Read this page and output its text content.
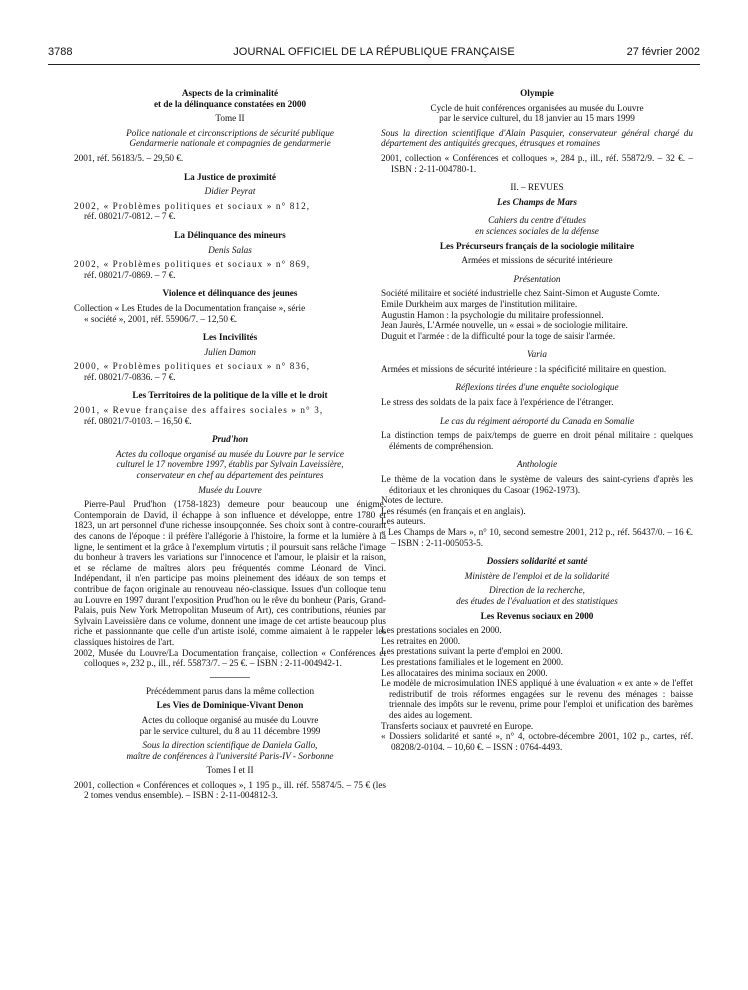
3788	JOURNAL OFFICIEL DE LA RÉPUBLIQUE FRANÇAISE	27 février 2002
Aspects de la criminalité
et de la délinquance constatées en 2000
Tome II
Police nationale et circonscriptions de sécurité publique
Gendarmerie nationale et compagnies de gendarmerie
2001, réf. 56183/5. – 29,50 €.
La Justice de proximité
Didier Peyrat
2002, « Problèmes politiques et sociaux » n° 812,
réf. 08021/7-0812. – 7 €.
La Délinquance des mineurs
Denis Salas
2002, « Problèmes politiques et sociaux » n° 869,
réf. 08021/7-0869. – 7 €.
Violence et délinquance des jeunes
Collection « Les Etudes de la Documentation française », série
« société », 2001, réf. 55906/7. – 12,50 €.
Les Incivilités
Julien Damon
2000, « Problèmes politiques et sociaux » n° 836,
réf. 08021/7-0836. – 7 €.
Les Territoires de la politique de la ville et le droit
2001, « Revue française des affaires sociales » n° 3,
réf. 08021/7-0103. – 16,50 €.
Prud'hon
Actes du colloque organisé au musée du Louvre par le service
culturel le 17 novembre 1997, établis par Sylvain Laveissière,
conservateur en chef au département des peintures
Musée du Louvre
Pierre-Paul Prud'hon (1758-1823) demeure pour beaucoup une énigme. Contemporain de David, il échappe à son influence et développe, entre 1780 et 1823, un art personnel d'une richesse insoupçonnée. Ses choix sont à contre-courant des canons de l'époque : il préfère l'allégorie à l'histoire, la forme et la lumière à la ligne, le sentiment et la grâce à l'exemplum virtutis ; il poursuit sans relâche l'image du bonheur à travers les variations sur l'innocence et l'amour, le plaisir et la raison, et se réclame de maîtres alors peu fréquentés comme Léonard de Vinci. Indépendant, il n'en participe pas moins pleinement des idéaux de son temps et contribue de façon originale au renouveau néo-classique. Issues d'un colloque tenu au Louvre en 1997 durant l'exposition Prud'hon ou le rêve du bonheur (Paris, Grand-Palais, puis New York Metropolitan Museum of Art), ces contributions, réunies par Sylvain Laveissière dans ce volume, donnent une image de cet artiste beaucoup plus riche et passionnante que celle d'un artiste isolé, comme aimaient à le rappeler les classiques histoires de l'art.
2002, Musée du Louvre/La Documentation française, collection « Conférences et colloques », 232 p., ill., réf. 55873/7. – 25 €. – ISBN : 2-11-004942-1.
Précédemment parus dans la même collection
Les Vies de Dominique-Vivant Denon
Actes du colloque organisé au musée du Louvre
par le service culturel, du 8 au 11 décembre 1999
Sous la direction scientifique de Daniela Gallo,
maître de conférences à l'université Paris-IV - Sorbonne
Tomes I et II
2001, collection « Conférences et colloques », 1 195 p., ill. réf. 55874/5. – 75 € (les 2 tomes vendus ensemble). – ISBN : 2-11-004812-3.
Olympie
Cycle de huit conférences organisées au musée du Louvre
par le service culturel, du 18 janvier au 15 mars 1999
Sous la direction scientifique d'Alain Pasquier, conservateur général chargé du département des antiquités grecques, étrusques et romaines
2001, collection « Conférences et colloques », 284 p., ill., réf. 55872/9. – 32 €. – ISBN : 2-11-004780-1.
II. – REVUES
Les Champs de Mars
Cahiers du centre d'études
en sciences sociales de la défense
Les Précurseurs français de la sociologie militaire
Armées et missions de sécurité intérieure
Présentation
Société militaire et société industrielle chez Saint-Simon et Auguste Comte.
Emile Durkheim aux marges de l'institution militaire.
Augustin Hamon : la psychologie du militaire professionnel.
Jean Jaurès, L'Armée nouvelle, un « essai » de sociologie militaire.
Duguit et l'armée : de la difficulté pour la toge de saisir l'armée.
Varia
Armées et missions de sécurité intérieure : la spécificité militaire en question.
Réflexions tirées d'une enquête sociologique
Le stress des soldats de la paix face à l'expérience de l'étranger.
Le cas du régiment aéroporté du Canada en Somalie
La distinction temps de paix/temps de guerre en droit pénal militaire : quelques éléments de compréhension.
Anthologie
Le thème de la vocation dans le système de valeurs des saint-cyriens d'après les éditoriaux et les chroniques du Casoar (1962-1973).
Notes de lecture.
Les résumés (en français et en anglais).
Les auteurs.
« Les Champs de Mars », n° 10, second semestre 2001, 212 p., réf. 56437/0. – 16 €. – ISBN : 2-11-005053-5.
Dossiers solidarité et santé
Ministère de l'emploi et de la solidarité
Direction de la recherche,
des études de l'évaluation et des statistiques
Les Revenus sociaux en 2000
Les prestations sociales en 2000.
Les retraites en 2000.
Les prestations suivant la perte d'emploi en 2000.
Les prestations familiales et le logement en 2000.
Les allocataires des minima sociaux en 2000.
Le modèle de microsimulation INES appliqué à une évaluation « ex ante » de l'effet redistributif de trois réformes engagées sur le revenu des ménages : baisse triennale des impôts sur le revenu, prime pour l'emploi et unification des barèmes des aides au logement.
Transferts sociaux et pauvreté en Europe.
« Dossiers solidarité et santé », n° 4, octobre-décembre 2001, 102 p., cartes, réf. 08208/2-0104. – 10,60 €. – ISSN : 0764-4493.
